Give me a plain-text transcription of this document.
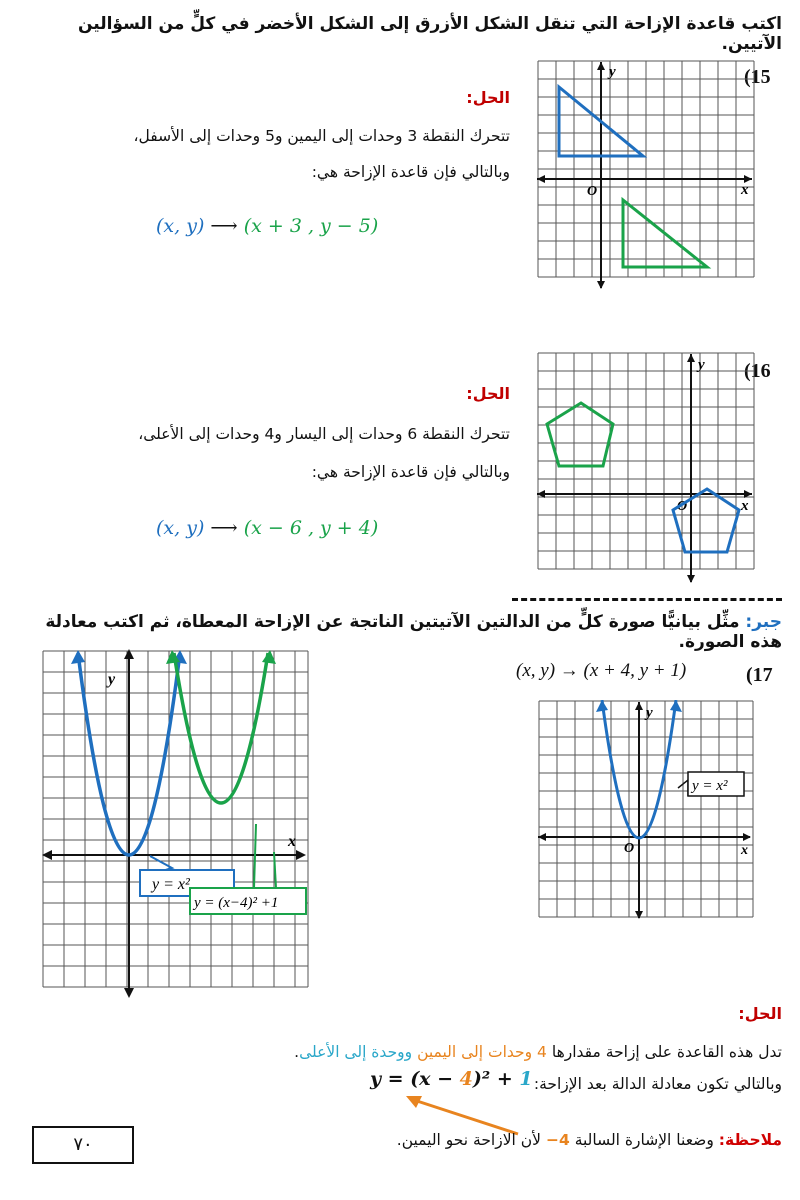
اكتب قاعدة الإزاحة التي تنقل الشكل الأزرق إلى الشكل الأخضر في كلٍّ من السؤالين الآتيين.
(15
y
x
O
الحل:
تتحرك النقطة 3 وحدات إلى اليمين و5 وحدات إلى الأسفل،
وبالتالي فإن قاعدة الإزاحة هي:
(x, y) ⟶ (x + 3 , y − 5)
(16
y
x
O
الحل:
تتحرك النقطة 6 وحدات إلى اليسار و4 وحدات إلى الأعلى،
وبالتالي فإن قاعدة الإزاحة هي:
(x, y) ⟶ (x − 6 , y + 4)
جبر: مثِّل بيانيًّا صورة كلٍّ من الدالتين الآتيتين الناتجة عن الإزاحة المعطاة، ثم اكتب معادلة هذه الصورة.
(17
(x, y) → (x + 4, y + 1)
y
x
O
y = x²
y
x
y = x²
y = (x−4)² +1
الحل:
تدل هذه القاعدة على إزاحة مقدارها 4 وحدات إلى اليمين ووحدة إلى الأعلى.
وبالتالي تكون معادلة الدالة بعد الإزاحة:
y = (x − 4)² + 1
ملاحظة: وضعنا الإشارة السالبة 4− لأن الازاحة نحو اليمين.
٧٠
